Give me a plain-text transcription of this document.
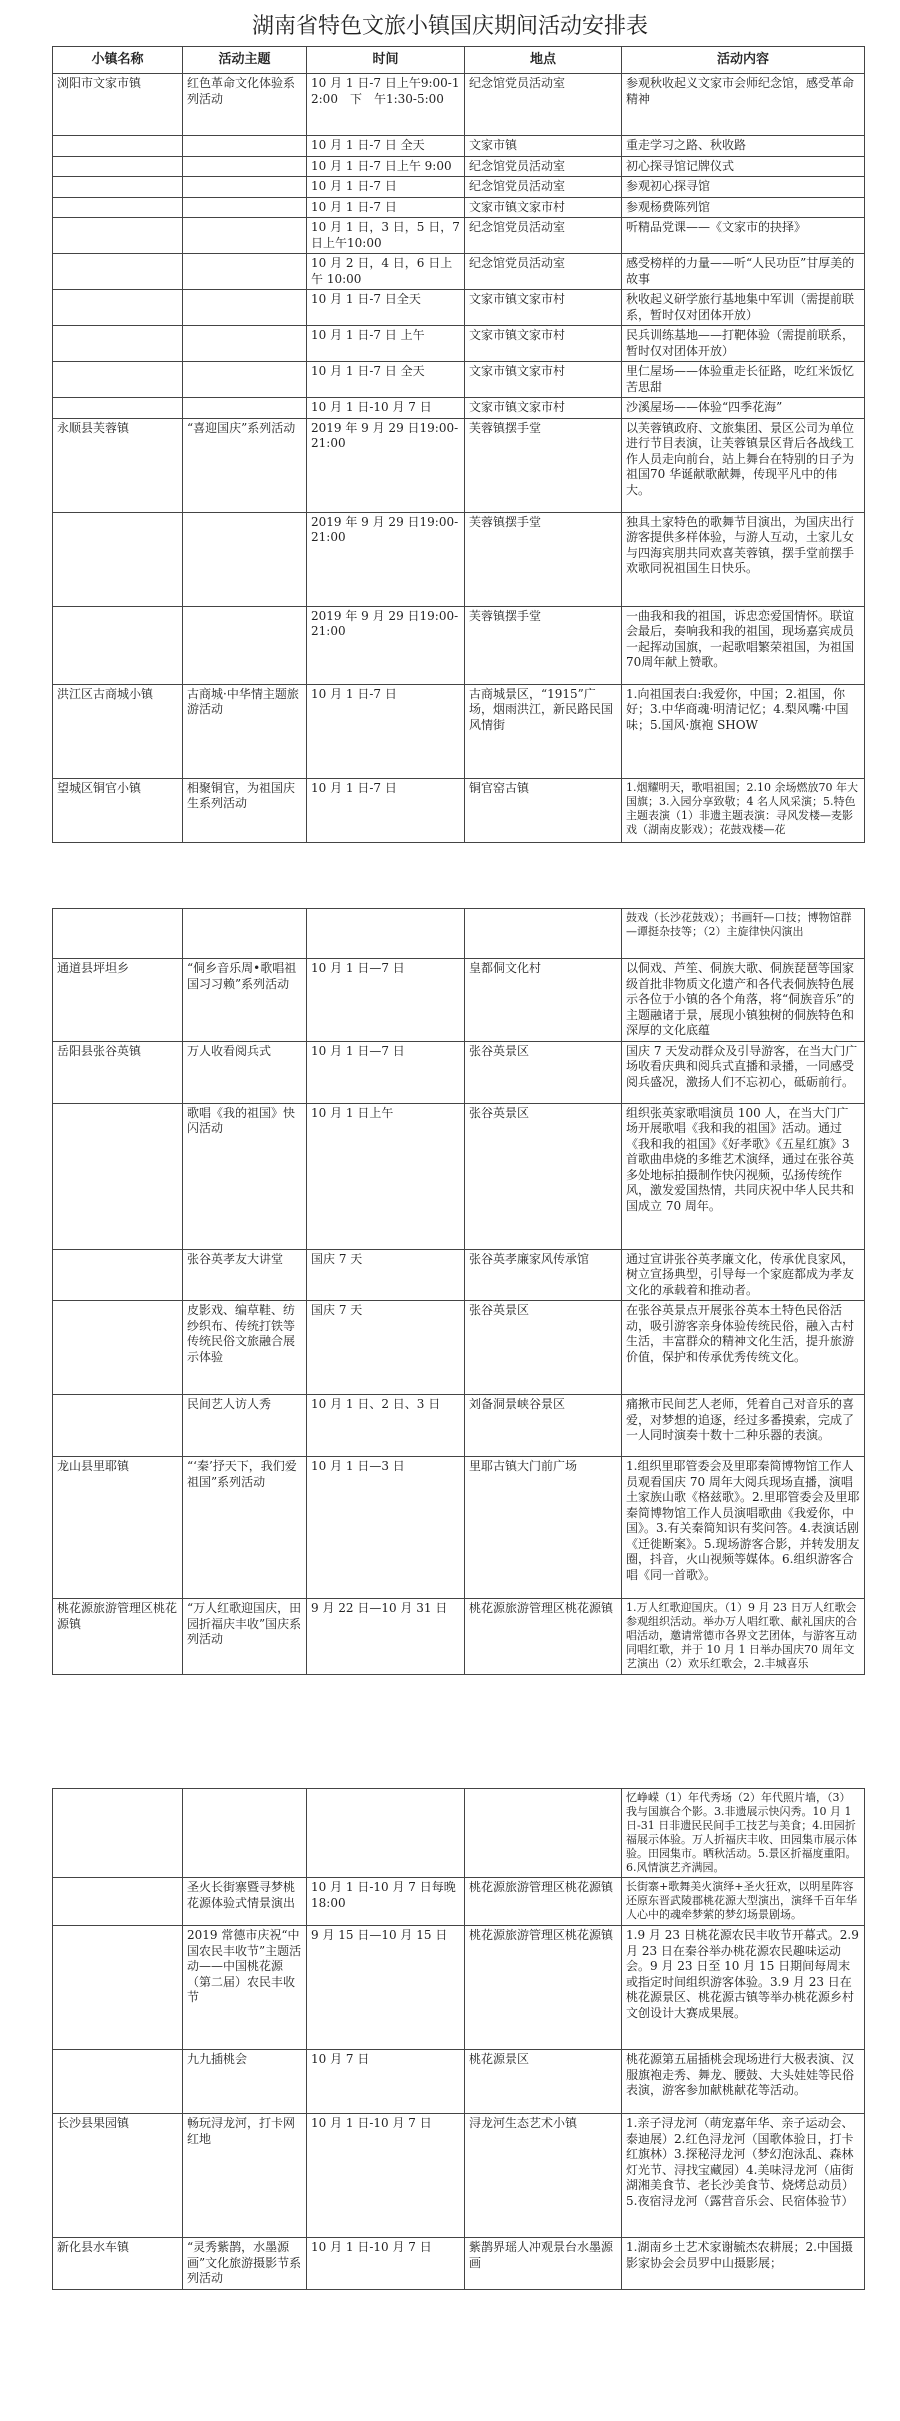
湖南省特色文旅小镇国庆期间活动安排表
小镇名称	活动主题	时间	地点	活动内容
浏阳市文家市镇	红色革命文化体验系列活动	10 月 1 日-7 日上午9:00-12:00　下　午1:30-5:00	纪念馆党员活动室	参观秋收起义文家市会师纪念馆，感受革命精神
		10 月 1 日-7 日 全天	文家市镇	重走学习之路、秋收路
		10 月 1 日-7 日上午 9:00	纪念馆党员活动室	初心探寻馆记牌仪式
		10 月 1 日-7 日	纪念馆党员活动室	参观初心探寻馆
		10 月 1 日-7 日	文家市镇文家市村	参观杨费陈列馆
		10 月 1 日，3 日，5 日，7 日上午10:00	纪念馆党员活动室	听精品党课——《文家市的抉择》
		10 月 2 日，4 日，6 日上午 10:00	纪念馆党员活动室	感受榜样的力量——听“人民功臣”甘厚美的故事
		10 月 1 日-7 日全天	文家市镇文家市村	秋收起义研学旅行基地集中军训（需提前联系，暂时仅对团体开放）
		10 月 1 日-7 日 上午	文家市镇文家市村	民兵训练基地——打靶体验（需提前联系，暂时仅对团体开放）
		10 月 1 日-7 日 全天	文家市镇文家市村	里仁屋场——体验重走长征路，吃红米饭忆苦思甜
		10 月 1 日-10 月 7 日	文家市镇文家市村	沙溪屋场——体验“四季花海”
永顺县芙蓉镇	“喜迎国庆”系列活动	2019 年 9 月 29 日19:00-21:00	芙蓉镇摆手堂	以芙蓉镇政府、文旅集团、景区公司为单位进行节目表演，让芙蓉镇景区背后各战线工作人员走向前台，站上舞台在特别的日子为祖国70 华诞献歌献舞，传现平凡中的伟大。
		2019 年 9 月 29 日19:00-21:00	芙蓉镇摆手堂	独具土家特色的歌舞节目演出，为国庆出行游客提供多样体验，与游人互动，土家儿女与四海宾朋共同欢喜芙蓉镇，摆手堂前摆手欢歌同祝祖国生日快乐。
		2019 年 9 月 29 日19:00-21:00	芙蓉镇摆手堂	一曲我和我的祖国，诉忠恋爱国情怀。联谊会最后，奏响我和我的祖国，现场嘉宾成员一起挥动国旗，一起歌唱繁荣祖国，为祖国70周年献上赞歌。
洪江区古商城小镇	古商城·中华情主题旅游活动	10 月 1 日-7 日	古商城景区，“1915”广场，烟雨洪江，新民路民国风情街	1.向祖国表白:我爱你，中国；2.祖国，你好；3.中华商魂·明清记忆；4.梨风嘴·中国味；5.国风·旗袍 SHOW
望城区铜官小镇	相聚铜官，为祖国庆生系列活动	10 月 1 日-7 日	铜官窑古镇	1.烟耀明天，歌唱祖国；2.10 余场燃放70 年大国旗；3.入园分享致敬；4 名人风采演；5.特色主题表演（1）非遗主题表演：寻风发楼—麦影戏（湖南皮影戏）；花鼓戏楼—花
				鼓戏（长沙花鼓戏）；书画轩—口技；博物馆群—谭挺杂技等；（2）主旋律快闪演出
通道县坪坦乡	“侗乡音乐周•歌唱祖国习习赖”系列活动	10 月 1 日—7 日	皇都侗文化村	以侗戏、芦笙、侗族大歌、侗族琵琶等国家级首批非物质文化遗产和各代表侗族特色展示各位于小镇的各个角落，将“侗族音乐”的主题融诸于景，展现小镇独树的侗族特色和深厚的文化底蕴
岳阳县张谷英镇	万人收看阅兵式	10 月 1 日—7 日	张谷英景区	国庆 7 天发动群众及引导游客，在当大门广场收看庆典和阅兵式直播和录播，一同感受阅兵盛况，激扬人们不忘初心，砥砺前行。
	歌唱《我的祖国》快闪活动	10 月 1 日上午	张谷英景区	组织张英家歌唱演员 100 人，在当大门广场开展歌唱《我和我的祖国》活动。通过《我和我的祖国》《好孝歌》《五星红旗》3 首歌曲串烧的多维艺术演绎，通过在张谷英多处地标拍摄制作快闪视频，弘扬传统作风，激发爱国热情，共同庆祝中华人民共和国成立 70 周年。
	张谷英孝友大讲堂	国庆 7 天	张谷英孝廉家风传承馆	通过宣讲张谷英孝廉文化，传承优良家风，树立宣扬典型，引导每一个家庭都成为孝友文化的承载着和推动者。
	皮影戏、编草鞋、纺纱织布、传统打铁等传统民俗文旅融合展示体验	国庆 7 天	张谷英景区	在张谷英景点开展张谷英本土特色民俗活动，吸引游客亲身体验传统民俗，融入古村生活，丰富群众的精神文化生活，提升旅游价值，保护和传承优秀传统文化。
	民间艺人访人秀	10 月 1 日、2 日、3 日	刘备洞景峡谷景区	痛揪市民间艺人老师，凭着自己对音乐的喜爱，对梦想的追逐，经过多番摸索，完成了一人同时演奏十数十二种乐器的表演。
龙山县里耶镇	“‘秦’抒天下，我们爱祖国”系列活动	10 月 1 日—3 日	里耶古镇大门前广场	1.组织里耶管委会及里耶秦简博物馆工作人员观看国庆 70 周年大阅兵现场直播，演唱土家族山歌《格兹歌》。2.里耶管委会及里耶秦简博物馆工作人员演唱歌曲《我爱你，中国》。3.有关秦简知识有奖问答。4.表演话剧《迁徙断案》。5.现场游客合影，并转发朋友圈，抖音，火山视频等媒体。6.组织游客合唱《同一首歌》。
桃花源旅游管理区桃花源镇	“万人红歌迎国庆，田园折福庆丰收”国庆系列活动	9 月 22 日—10 月 31 日	桃花源旅游管理区桃花源镇	1.万人红歌迎国庆。（1）9 月 23 日万人红歌会参观组织活动。举办万人唱红歌、献礼国庆的合唱活动，邀请常德市各界文艺团体，与游客互动同唱红歌，并于 10 月 1 日举办国庆70 周年文艺演出（2）欢乐红歌会，2.丰城喜乐
				忆峥嵘（1）年代秀场（2）年代照片墙，（3）我与国旗合个影。3.非遗展示快闪秀。10 月 1 日-31 日非遗民民间手工技艺与美食；4.田园折福展示体验。万人折福庆丰收、田园集市展示体验。田园集市。晒秋活动。5.景区折福度重阳。6.风情演艺齐满园。
	圣火长街寨暨寻梦桃花源体验式情景演出	10 月 1 日-10 月 7 日每晚 18:00	桃花源旅游管理区桃花源镇	长街寨+歌舞美火演绎+圣火狂欢，以明星阵容还原东晋武陵郡桃花源大型演出，演绎千百年华人心中的魂牵梦萦的梦幻场景剧场。
	2019 常德市庆祝“中国农民丰收节”主题活动——中国桃花源（第二届）农民丰收节	9 月 15 日—10 月 15 日	桃花源旅游管理区桃花源镇	1.9 月 23 日桃花源农民丰收节开幕式。2.9 月 23 日在秦谷举办桃花源农民趣味运动会。9 月 23 日至 10 月 15 日期间每周末或指定时间组织游客体验。3.9 月 23 日在桃花源景区、桃花源古镇等举办桃花源乡村文创设计大赛成果展。
	九九插桃会	10 月 7 日	桃花源景区	桃花源第五届插桃会现场进行大极表演、汉服旗袍走秀、舞龙、腰鼓、大头娃娃等民俗表演，游客参加献桃献花等活动。
长沙县果园镇	畅玩浔龙河，打卡网红地	10 月 1 日-10 月 7 日	浔龙河生态艺术小镇	1.亲子浔龙河（萌宠嘉年华、亲子运动会、泰迪展）2.红色浔龙河（国歌体验日，打卡红旗林）3.探秘浔龙河（梦幻泡泳乱、森林灯光节、浔找宝藏园）4.美味浔龙河（庙街湖湘美食节、老长沙美食节、烧烤总动员）5.夜宿浔龙河（露营音乐会、民宿体验节）
新化县水车镇	“灵秀紫鹊，水墨源画”文化旅游摄影节系列活动	10 月 1 日-10 月 7 日	紫鹊界瑶人冲观景台水墨源画	1.湖南乡土艺术家谢毓杰农耕展；2.中国摄影家协会会员罗中山摄影展；
